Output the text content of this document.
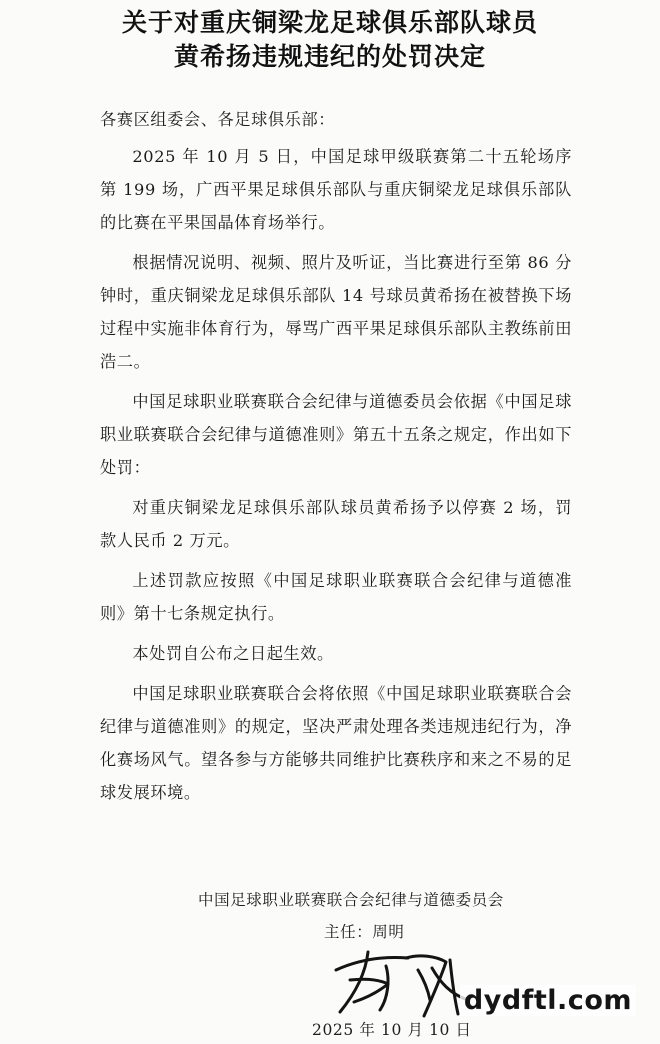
关于对重庆铜梁龙足球俱乐部队球员
黄希扬违规违纪的处罚决定
各赛区组委会、各足球俱乐部：

2025 年 10 月 5 日，中国足球甲级联赛第二十五轮场序第 199 场，广西平果足球俱乐部队与重庆铜梁龙足球俱乐部队的比赛在平果国晶体育场举行。

根据情况说明、视频、照片及听证，当比赛进行至第 86 分钟时，重庆铜梁龙足球俱乐部队 14 号球员黄希扬在被替换下场过程中实施非体育行为，辱骂广西平果足球俱乐部队主教练前田浩二。

中国足球职业联赛联合会纪律与道德委员会依据《中国足球职业联赛联合会纪律与道德准则》第五十五条之规定，作出如下处罚：

对重庆铜梁龙足球俱乐部队球员黄希扬予以停赛 2 场，罚款人民币 2 万元。

上述罚款应按照《中国足球职业联赛联合会纪律与道德准则》第十七条规定执行。

本处罚自公布之日起生效。

中国足球职业联赛联合会将依照《中国足球职业联赛联合会纪律与道德准则》的规定，坚决严肃处理各类违规违纪行为，净化赛场风气。望各参与方能够共同维护比赛秩序和来之不易的足球发展环境。

中国足球职业联赛联合会纪律与道德委员会
主任：周明
2025 年 10 月 10 日
dydftl.com
